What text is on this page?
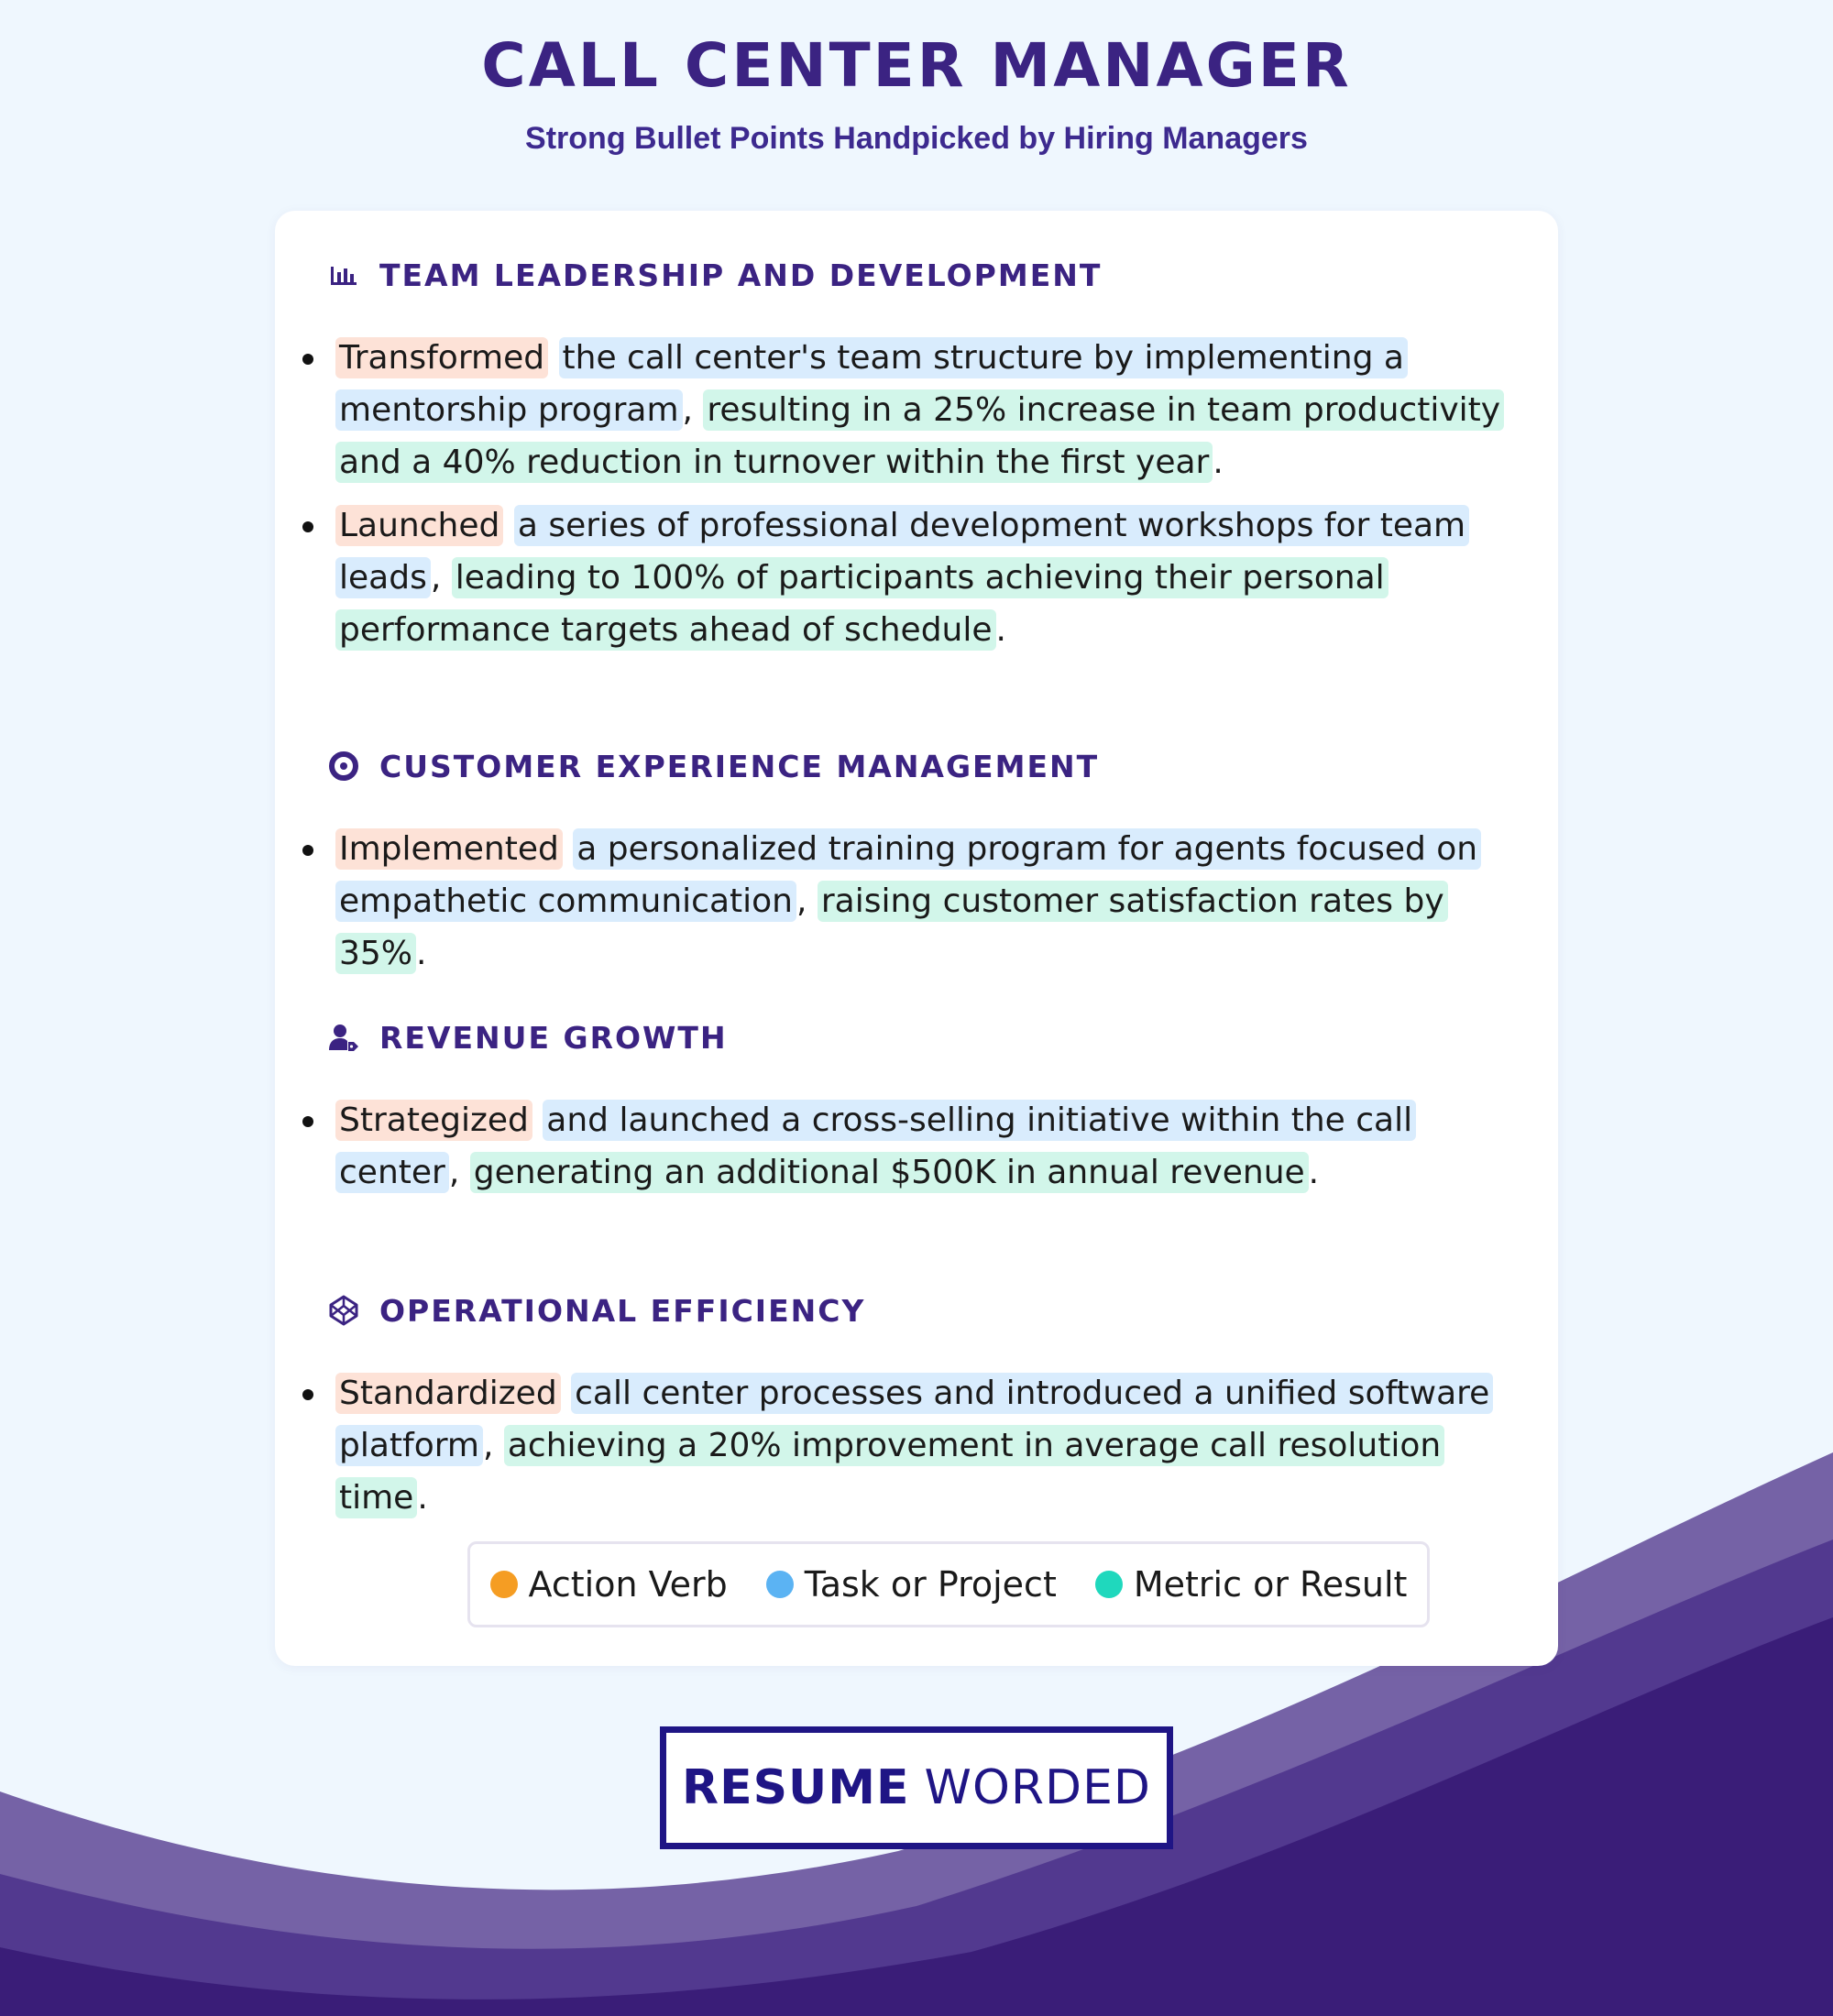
CALL CENTER MANAGER
Strong Bullet Points Handpicked by Hiring Managers
TEAM LEADERSHIP AND DEVELOPMENT
Transformed the call center's team structure by implementing a mentorship program , resulting in a 25% increase in team productivity and a 40% reduction in turnover within the first year .
Launched a series of professional development workshops for team leads , leading to 100% of participants achieving their personal performance targets ahead of schedule .
CUSTOMER EXPERIENCE MANAGEMENT
Implemented a personalized training program for agents focused on empathetic communication , raising customer satisfaction rates by 35% .
REVENUE GROWTH
Strategized and launched a cross-selling initiative within the call center , generating an additional $500K in annual revenue .
OPERATIONAL EFFICIENCY
Standardized call center processes and introduced a unified software platform , achieving a 20% improvement in average call resolution time .
Action Verb Task or Project Metric or Result
RESUME WORDED
